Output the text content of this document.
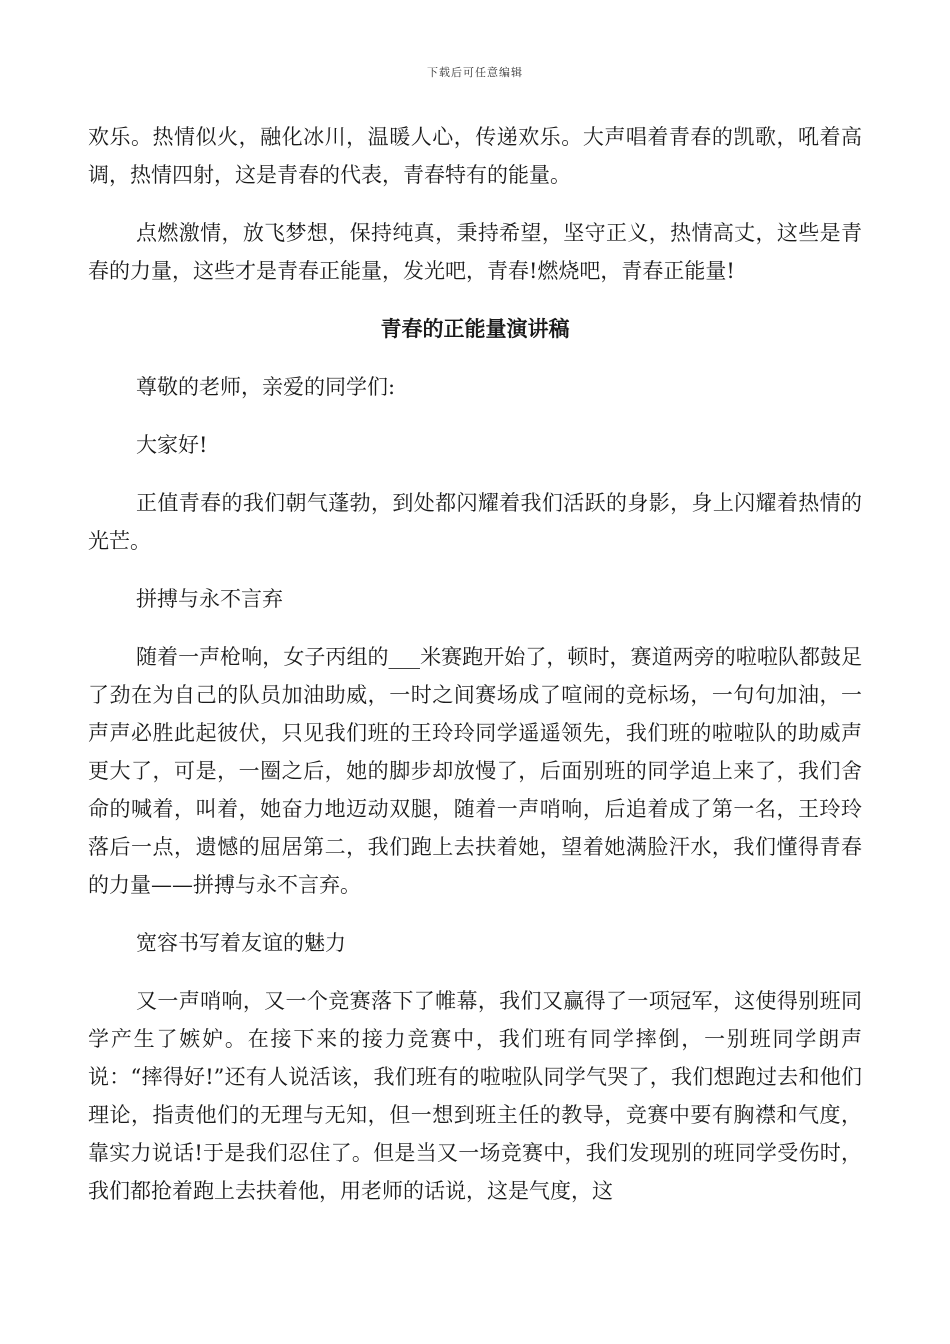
下载后可任意编辑

欢乐。热情似火，融化冰川，温暖人心，传递欢乐。大声唱着青春的凯歌，吼着高调，热情四射，这是青春的代表，青春特有的能量。

点燃激情，放飞梦想，保持纯真，秉持希望，坚守正义，热情高丈，这些是青春的力量，这些才是青春正能量，发光吧，青春!燃烧吧，青春正能量!

青春的正能量演讲稿

尊敬的老师，亲爱的同学们:

大家好!

正值青春的我们朝气蓬勃，到处都闪耀着我们活跃的身影，身上闪耀着热情的光芒。

拼搏与永不言弃

随着一声枪响，女子丙组的___米赛跑开始了，顿时，赛道两旁的啦啦队都鼓足了劲在为自己的队员加油助威，一时之间赛场成了喧闹的竞标场，一句句加油，一声声必胜此起彼伏，只见我们班的王玲玲同学遥遥领先，我们班的啦啦队的助威声更大了，可是，一圈之后，她的脚步却放慢了，后面别班的同学追上来了，我们舍命的喊着，叫着，她奋力地迈动双腿，随着一声哨响，后追着成了第一名，王玲玲落后一点，遗憾的屈居第二，我们跑上去扶着她，望着她满脸汗水，我们懂得青春的力量——拼搏与永不言弃。

宽容书写着友谊的魅力

又一声哨响，又一个竞赛落下了帷幕，我们又赢得了一项冠军，这使得别班同学产生了嫉妒。在接下来的接力竞赛中，我们班有同学摔倒，一别班同学朗声说：“摔得好!”还有人说活该，我们班有的啦啦队同学气哭了，我们想跑过去和他们理论，指责他们的无理与无知，但一想到班主任的教导，竞赛中要有胸襟和气度，靠实力说话!于是我们忍住了。但是当又一场竞赛中，我们发现别的班同学受伤时，我们都抢着跑上去扶着他，用老师的话说，这是气度，这
